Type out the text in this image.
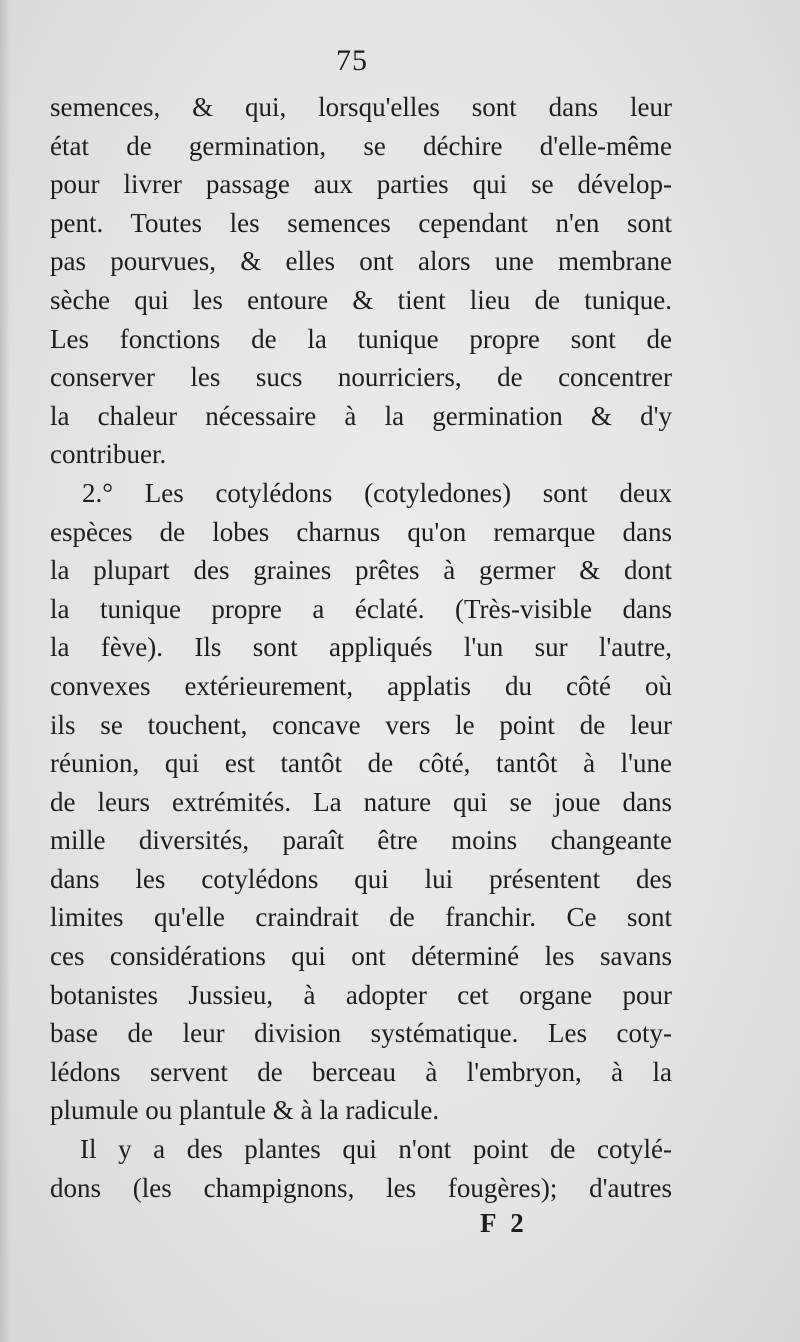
75
semences, & qui, lorsqu'elles sont dans leur
état de germination, se déchire d'elle-même
pour livrer passage aux parties qui se dévelop-
pent. Toutes les semences cependant n'en sont
pas pourvues, & elles ont alors une membrane
sèche qui les entoure & tient lieu de tunique.
Les fonctions de la tunique propre sont de
conserver les sucs nourriciers, de concentrer
la chaleur nécessaire à la germination & d'y
contribuer.
2.° Les cotylédons (cotyledones) sont deux
espèces de lobes charnus qu'on remarque dans
la plupart des graines prêtes à germer & dont
la tunique propre a éclaté. (Très-visible dans
la fève). Ils sont appliqués l'un sur l'autre,
convexes extérieurement, applatis du côté où
ils se touchent, concave vers le point de leur
réunion, qui est tantôt de côté, tantôt à l'une
de leurs extrémités. La nature qui se joue dans
mille diversités, paraît être moins changeante
dans les cotylédons qui lui présentent des
limites qu'elle craindrait de franchir. Ce sont
ces considérations qui ont déterminé les savans
botanistes Jussieu, à adopter cet organe pour
base de leur division systématique. Les coty-
lédons servent de berceau à l'embryon, à la
plumule ou plantule & à la radicule.
Il y a des plantes qui n'ont point de cotylé-
dons (les champignons, les fougères); d'autres
F 2
